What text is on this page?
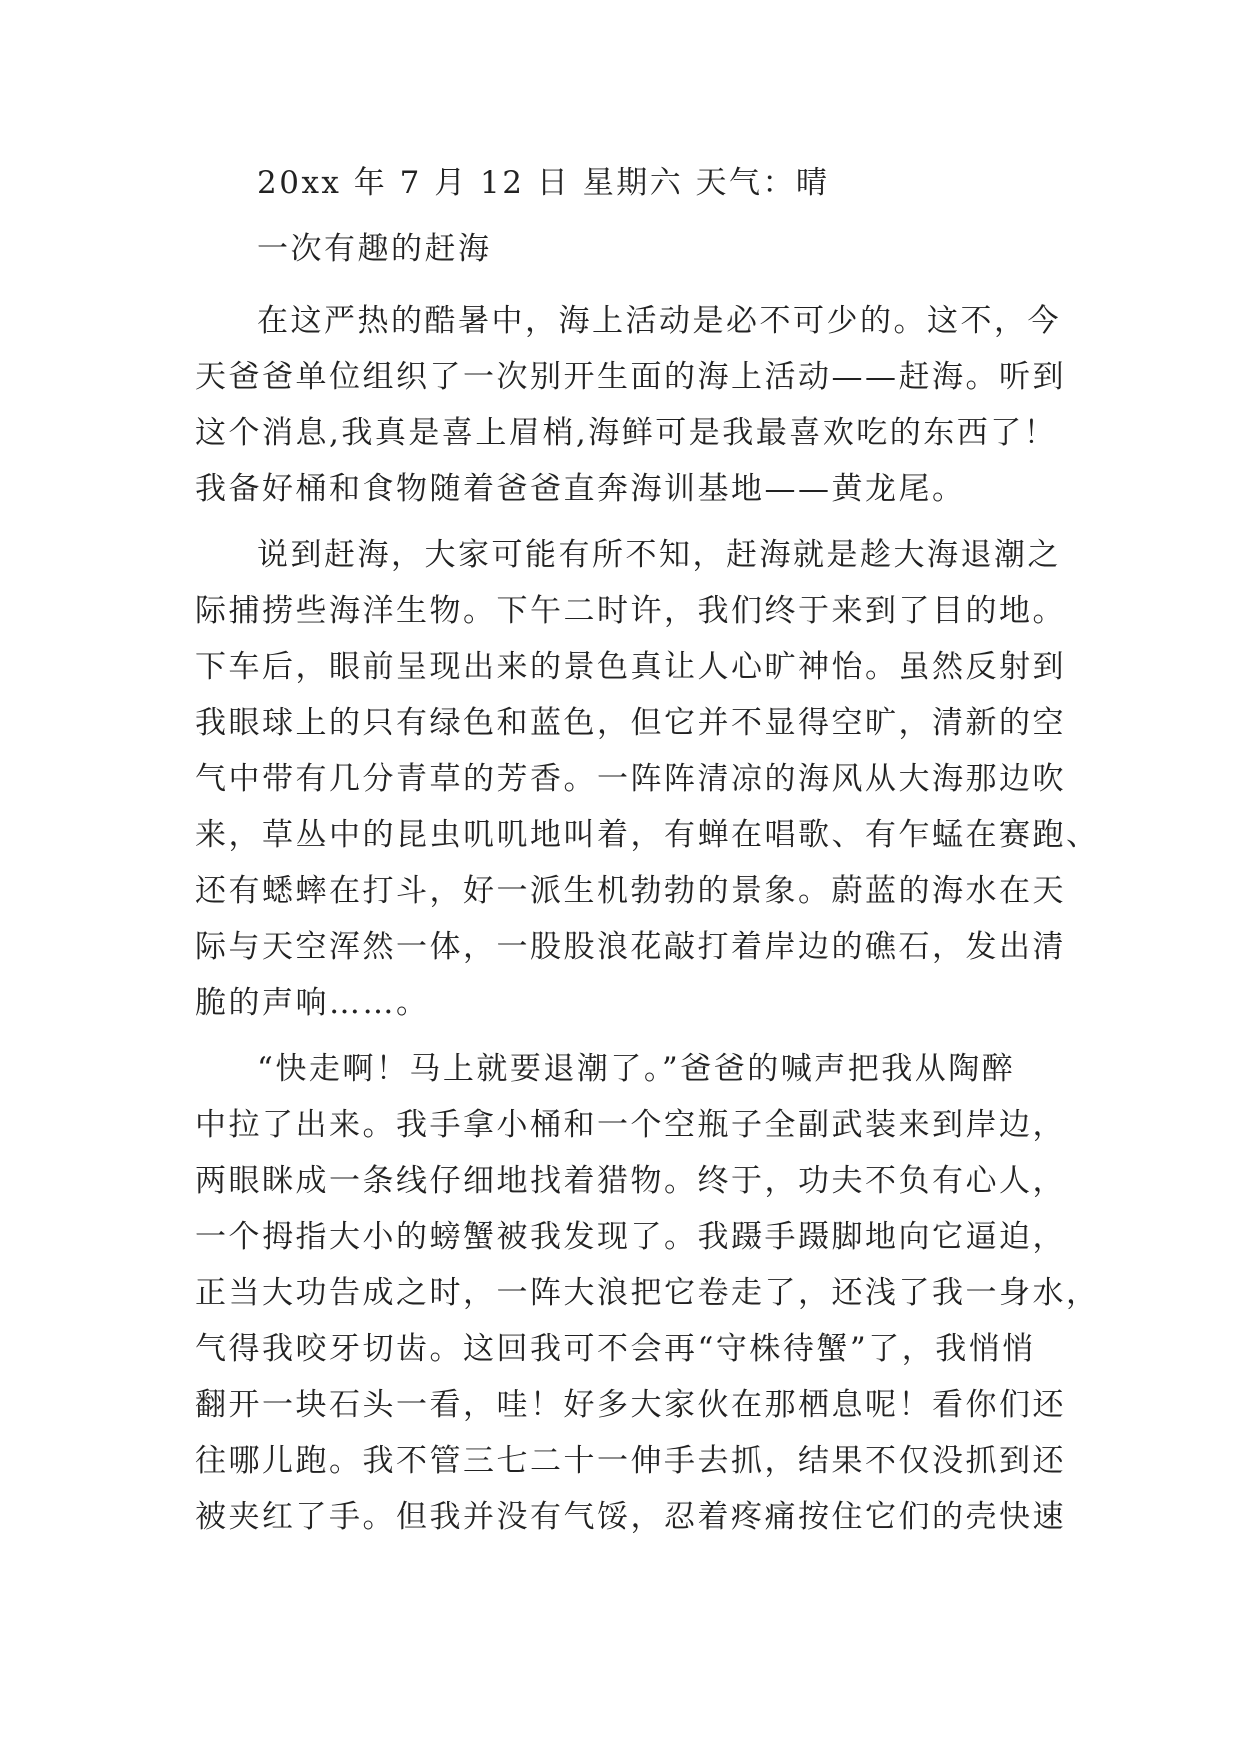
20xx 年 7 月 12 日 星期六 天气：晴
一次有趣的赶海
在这严热的酷暑中，海上活动是必不可少的。这不，今
天爸爸单位组织了一次别开生面的海上活动——赶海。听到
这个消息,我真是喜上眉梢,海鲜可是我最喜欢吃的东西了！
我备好桶和食物随着爸爸直奔海训基地——黄龙尾。
说到赶海，大家可能有所不知，赶海就是趁大海退潮之
际捕捞些海洋生物。下午二时许，我们终于来到了目的地。
下车后，眼前呈现出来的景色真让人心旷神怡。虽然反射到
我眼球上的只有绿色和蓝色，但它并不显得空旷，清新的空
气中带有几分青草的芳香。一阵阵清凉的海风从大海那边吹
来，草丛中的昆虫叽叽地叫着，有蝉在唱歌、有乍蜢在赛跑、
还有蟋蟀在打斗，好一派生机勃勃的景象。蔚蓝的海水在天
际与天空浑然一体，一股股浪花敲打着岸边的礁石，发出清
脆的声响……。
“快走啊！马上就要退潮了。”爸爸的喊声把我从陶醉
中拉了出来。我手拿小桶和一个空瓶子全副武装来到岸边，
两眼眯成一条线仔细地找着猎物。终于，功夫不负有心人，
一个拇指大小的螃蟹被我发现了。我蹑手蹑脚地向它逼迫，
正当大功告成之时，一阵大浪把它卷走了，还浅了我一身水，
气得我咬牙切齿。这回我可不会再“守株待蟹”了，我悄悄
翻开一块石头一看，哇！好多大家伙在那栖息呢！看你们还
往哪儿跑。我不管三七二十一伸手去抓，结果不仅没抓到还
被夹红了手。但我并没有气馁，忍着疼痛按住它们的壳快速
